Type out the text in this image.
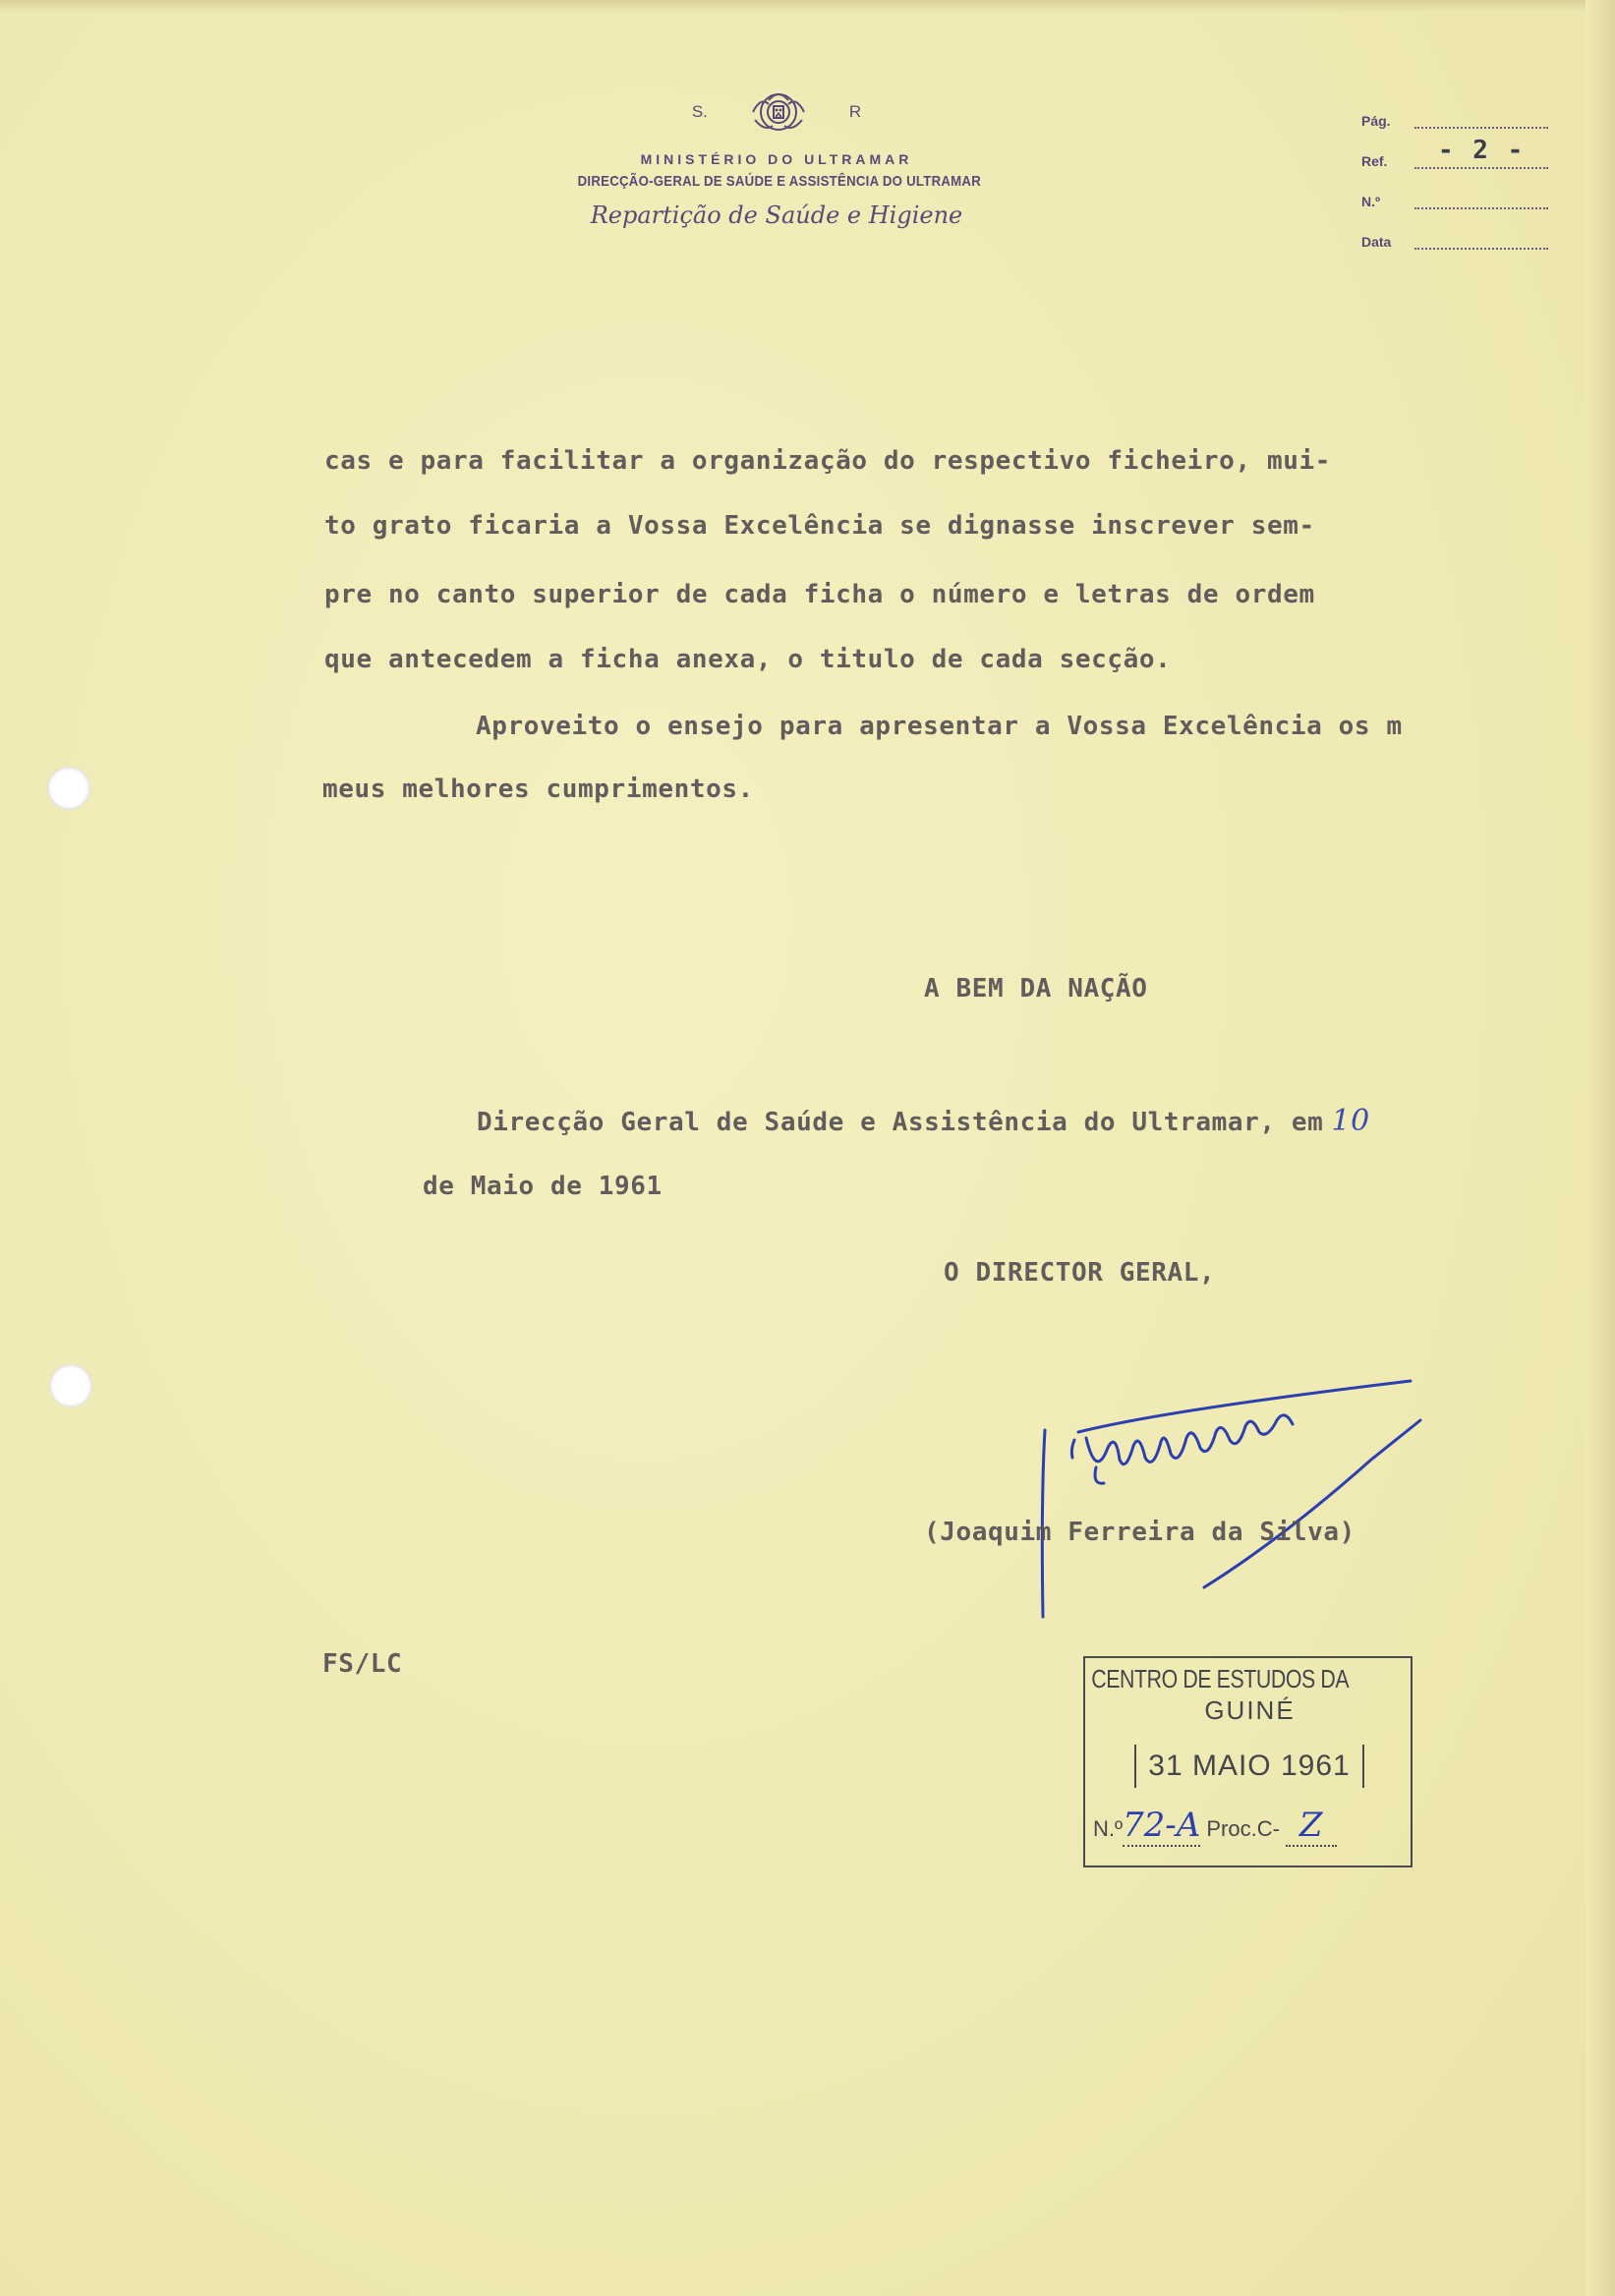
S.	R
MINISTÉRIO DO ULTRAMAR
DIRECÇÃO-GERAL DE SAÚDE E ASSISTÊNCIA DO ULTRAMAR
Repartição de Saúde e Higiene
Pág.
Ref.	- 2 -
N.º
Data
cas e para facilitar a organização do respectivo ficheiro, mui-
to grato ficaria a Vossa Excelência se dignasse inscrever sem-
pre no canto superior de cada ficha o número e letras de ordem
que antecedem a ficha anexa, o titulo de cada secção.
Aproveito o ensejo para apresentar a Vossa Excelência os m
meus melhores cumprimentos.
A BEM DA NAÇÃO
Direcção Geral de Saúde e Assistência do Ultramar, em 10
de Maio de 1961
O DIRECTOR GERAL,
(Joaquim Ferreira da Silva)
FS/LC	CENTRO DE ESTUDOS DA
GUINÉ
31 MAIO 1961
N.º72-A Proc.C- Z
